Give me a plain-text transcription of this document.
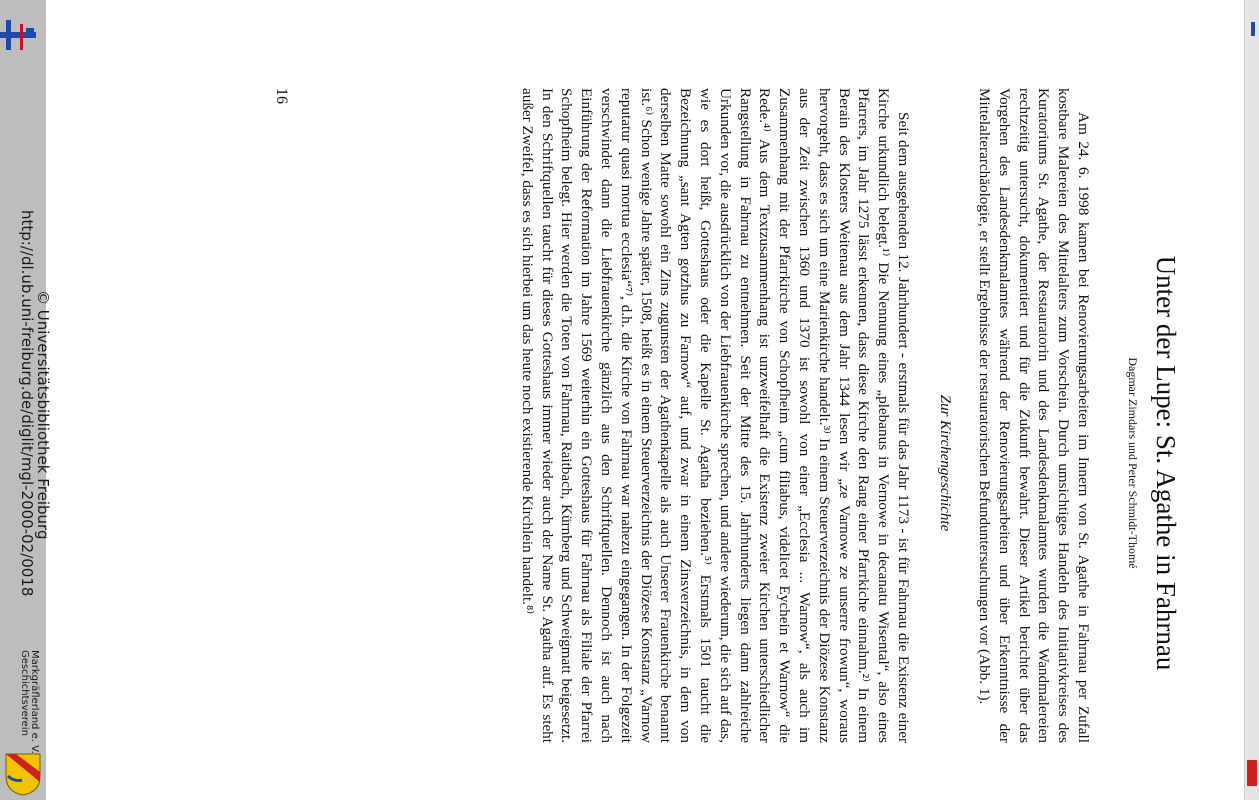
http://dl.ub.uni-freiburg.de/diglit/mgl-2000-02/0018
© Universitätsbibliothek Freiburg
Geschichtsverein Markgräflerland e. V.
Unter der Lupe: St. Agathe in Fahrnau
Dagmar Zimdars und Peter Schmidt-Thomé
Am 24. 6. 1998 kamen bei Renovierungsarbeiten im Innern von St. Agathe in Fahrnau per Zufall kostbare Malereien des Mittelalters zum Vorschein. Durch umsichtiges Handeln des Initiativkreises des Kuratoriums St. Agathe, der Restauratorin und des Landesdenkmalamtes wurden die Wandmalereien rechtzeitig untersucht, dokumentiert und für die Zukunft bewahrt. Dieser Artikel berichtet über das Vorgehen des Landesdenkmalamtes während der Renovierungsarbeiten und über Erkenntnisse der Mittelalterarchäologie, er stellt Ergebnisse der restauratorischen Befunduntersuchungen vor (Abb. 1).
Zur Kirchengeschichte
Seit dem ausgehenden 12. Jahrhundert - erstmals für das Jahr 1173 - ist für Fahrnau die Existenz einer Kirche urkundlich belegt.¹⁾ Die Nennung eines „plebanus in Vernowe in decanatu Wisental“, also eines Pfarrers, im Jahr 1275 lässt erkennen, dass diese Kirche den Rang einer Pfarrkiche einnahm.²⁾ In einem Berain des Klosters Weitenau aus dem Jahr 1344 lesen wir „ze Varnowe ze unserre frowun“, woraus hervorgeht, dass es sich um eine Marienkirche handelt.³⁾ In einem Steuerverzeichnis der Diözese Konstanz aus der Zeit zwischen 1360 und 1370 ist sowohl von einer „Ecclesia ... Warnow“, als auch im Zusammenhang mit der Pfarrkirche von Schopfheim „cum filiabus, videlicet Eychein et Warnow“ die Rede.⁴⁾ Aus dem Textzusammenhang ist unzweifelhaft die Existenz zweier Kirchen unterschiedlicher Rangstellung in Fahrnau zu entnehmen. Seit der Mitte des 15. Jahrhunderts liegen dann zahlreiche Urkunden vor, die ausdrücklich von der Liebfrauenkirche sprechen, und andere wiederum, die sich auf das, wie es dort heißt, Gotteshaus oder die Kapelle St. Agatha beziehen.⁵⁾ Erstmals 1501 taucht die Bezeichnung „sant Agten gotzhus zu Farnow“ auf, und zwar in einem Zinsverzeichnis, in dem von derselben Matte sowohl ein Zins zugunsten der Agathenkapelle als auch Unserer Frauenkirche benannt ist.⁶⁾ Schon wenige Jahre später, 1508, heißt es in einem Steuerverzeichnis der Diözese Konstanz „Varnow reputatur quasi mortua ecclesia“⁷⁾, d.h. die Kirche von Fahrnau war nahezu eingegangen. In der Folgezeit verschwindet dann die Liebfrauenkirche gänzlich aus den Schriftquellen. Dennoch ist auch nach Einführung der Reformation im Jahre 1569 weiterhin ein Gotteshaus für Fahrnau als Filiale der Pfarrei Schopfheim belegt. Hier werden die Toten von Fahrnau, Raitbach, Kürnberg und Schweigmatt beigesetzt. In den Schriftquellen taucht für dieses Gotteshaus immer wieder auch der Name St. Agatha auf. Es steht außer Zweifel, dass es sich hierbei um das heute noch existierende Kirchlein handelt.⁸⁾
16
